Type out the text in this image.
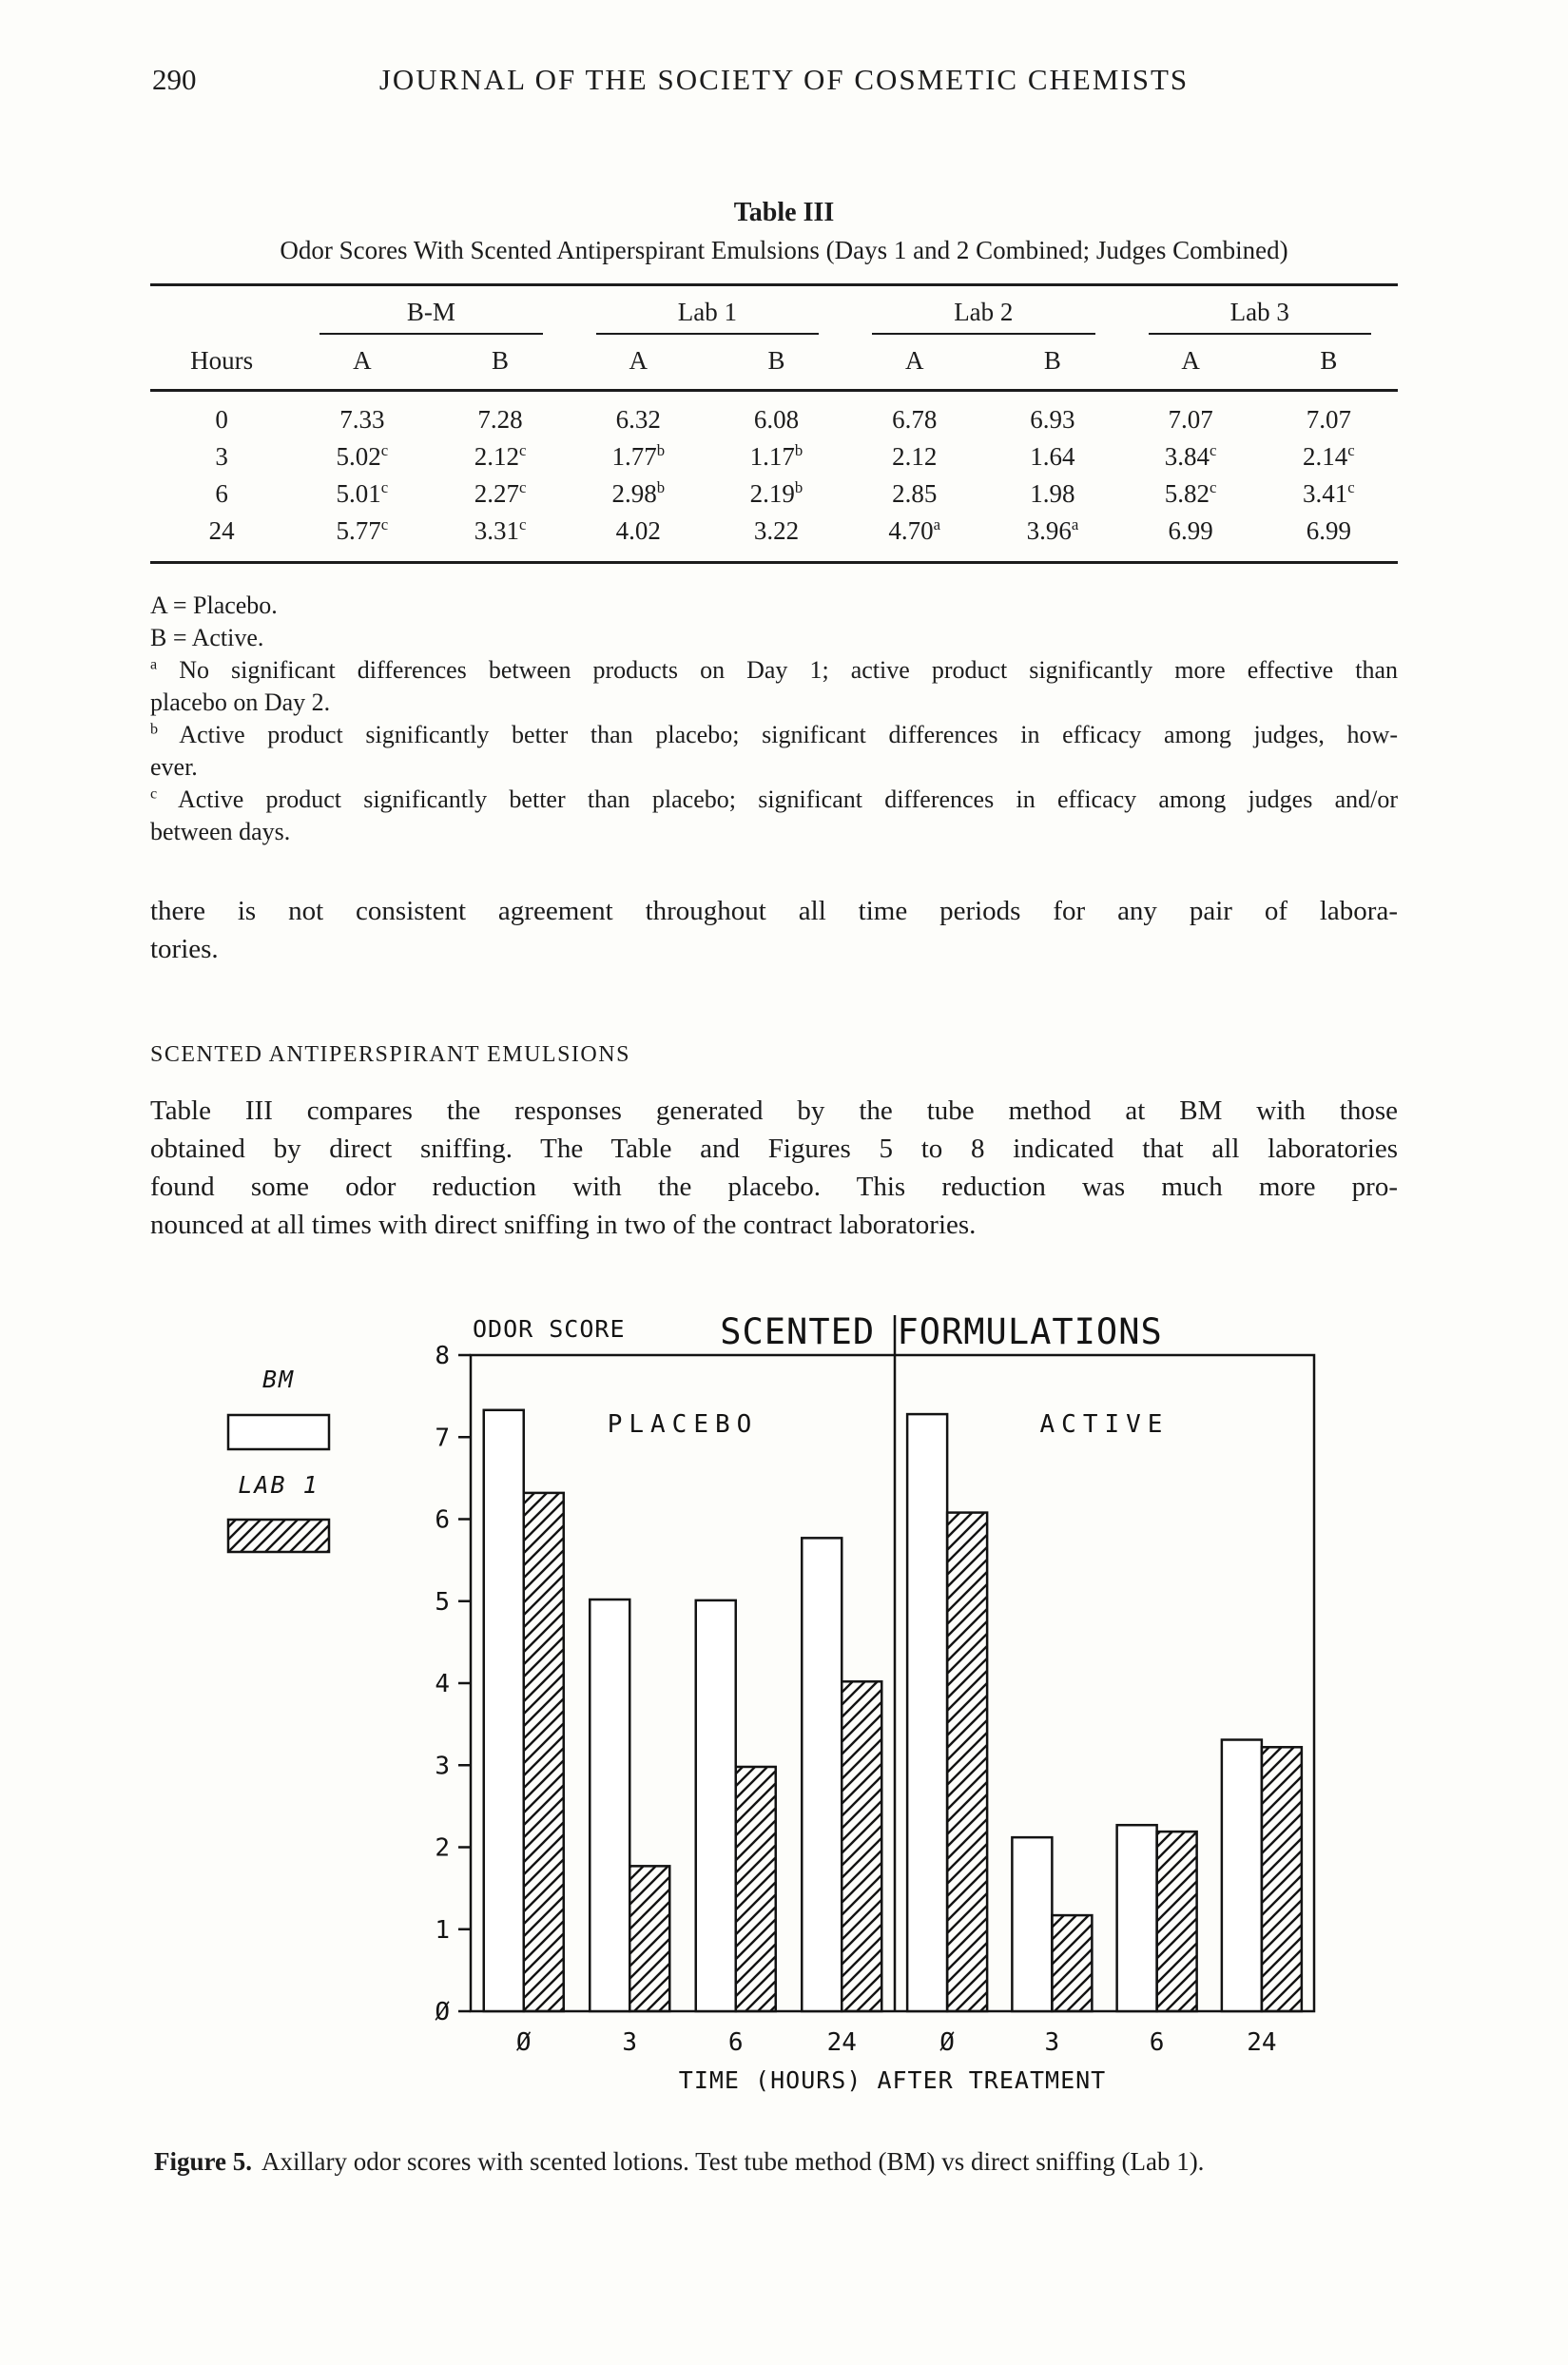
290	JOURNAL OF THE SOCIETY OF COSMETIC CHEMISTS
Table III
Odor Scores With Scented Antiperspirant Emulsions (Days 1 and 2 Combined; Judges Combined)

	B-M		Lab 1		Lab 2		Lab 3	

Hours	A	B	A	B	A	B	A	B
0	7.33	7.28	6.32	6.08	6.78	6.93	7.07	7.07
3	5.02$^c$	2.12$^c$	1.77$^b$	1.17$^b$	2.12	1.64	3.84$^c$	2.14$^c$
6	5.01$^c$	2.27$^c$	2.98$^b$	2.19$^b$	2.85	1.98	5.82$^c$	3.41$^c$
24	5.77$^c$	3.31$^c$	4.02	3.22	4.70$^a$	3.96$^a$	6.99	6.99
A = Placebo.
B = Active.
$^a$ No significant differences between products on Day 1; active product significantly more effective than
placebo on Day 2.
$^b$ Active product significantly better than placebo; significant differences in efficacy among judges, how-
ever.
$^c$ Active product significantly better than placebo; significant differences in efficacy among judges and/or
between days.
there is not consistent agreement throughout all time periods for any pair of labora-
tories.
SCENTED ANTIPERSPIRANT EMULSIONS
Table III compares the responses generated by the tube method at BM with those
obtained by direct sniffing. The Table and Figures 5 to 8 indicated that all laboratories
found some odor reduction with the placebo. This reduction was much more pro-
nounced at all times with direct sniffing in two of the contract laboratories.
SCENTED FORMULATIONS
ODOR SCORE
8
7
6
5
4
3
2
1
Ø
PLACEBO
Ø	3	6	24
ACTIVE
Ø	3	6	24
TIME (HOURS) AFTER TREATMENT
BM
LAB 1
Figure 5. Axillary odor scores with scented lotions. Test tube method (BM) vs direct sniffing (Lab 1).
